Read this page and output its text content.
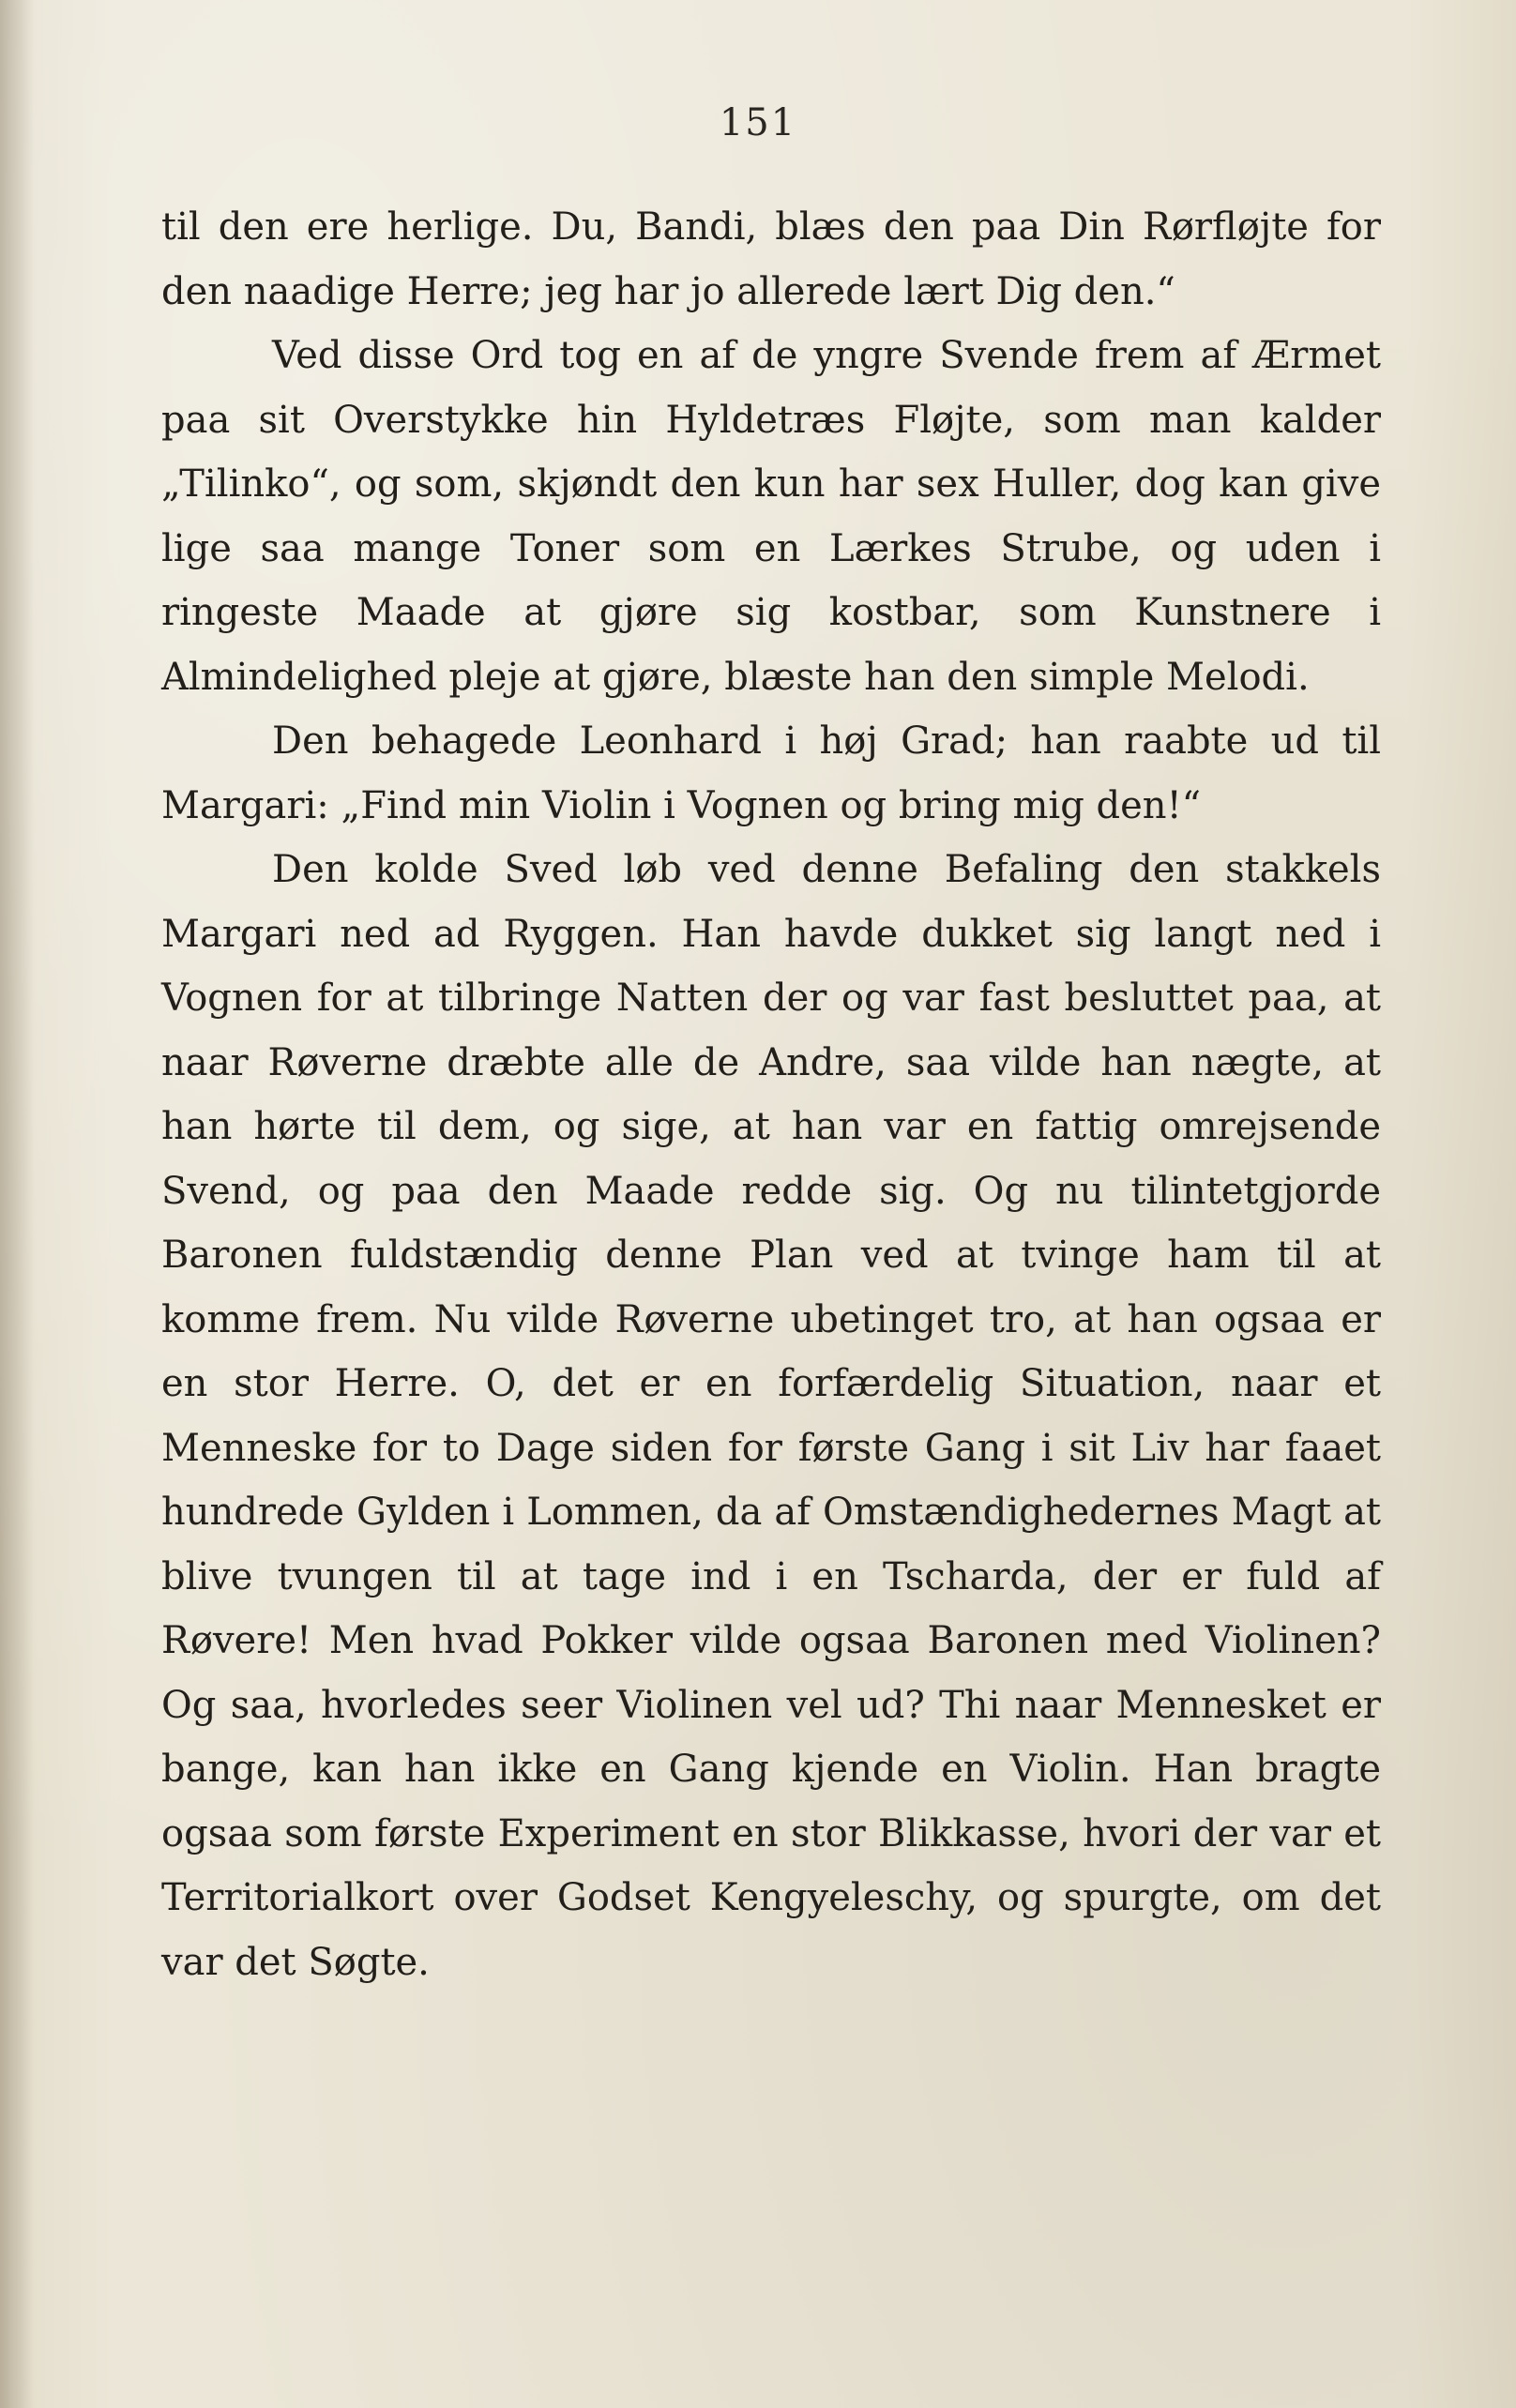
151

til den ere herlige. Du, Bandi, blæs den paa Din Rørfløjte for den naadige Herre; jeg har jo allerede lært Dig den.“

Ved disse Ord tog en af de yngre Svende frem af Ærmet paa sit Overstykke hin Hyldetræs Fløjte, som man kalder „Tilinko“, og som, skjøndt den kun har sex Huller, dog kan give lige saa mange Toner som en Lærkes Strube, og uden i ringeste Maade at gjøre sig kostbar, som Kunstnere i Almindelighed pleje at gjøre, blæste han den simple Melodi.

Den behagede Leonhard i høj Grad; han raabte ud til Margari: „Find min Violin i Vognen og bring mig den!“

Den kolde Sved løb ved denne Befaling den stakkels Margari ned ad Ryggen. Han havde dukket sig langt ned i Vognen for at tilbringe Natten der og var fast besluttet paa, at naar Røverne dræbte alle de Andre, saa vilde han nægte, at han hørte til dem, og sige, at han var en fattig omrejsende Svend, og paa den Maade redde sig. Og nu tilintetgjorde Baronen fuldstændig denne Plan ved at tvinge ham til at komme frem. Nu vilde Røverne ubetinget tro, at han ogsaa er en stor Herre. O, det er en forfærdelig Situation, naar et Menneske for to Dage siden for første Gang i sit Liv har faaet hundrede Gylden i Lommen, da af Omstændighedernes Magt at blive tvungen til at tage ind i en Tscharda, der er fuld af Røvere! Men hvad Pokker vilde ogsaa Baronen med Violinen? Og saa, hvorledes seer Violinen vel ud? Thi naar Mennesket er bange, kan han ikke en Gang kjende en Violin. Han bragte ogsaa som første Experiment en stor Blikkasse, hvori der var et Territorialkort over Godset Kengyeleschy, og spurgte, om det var det Søgte.
